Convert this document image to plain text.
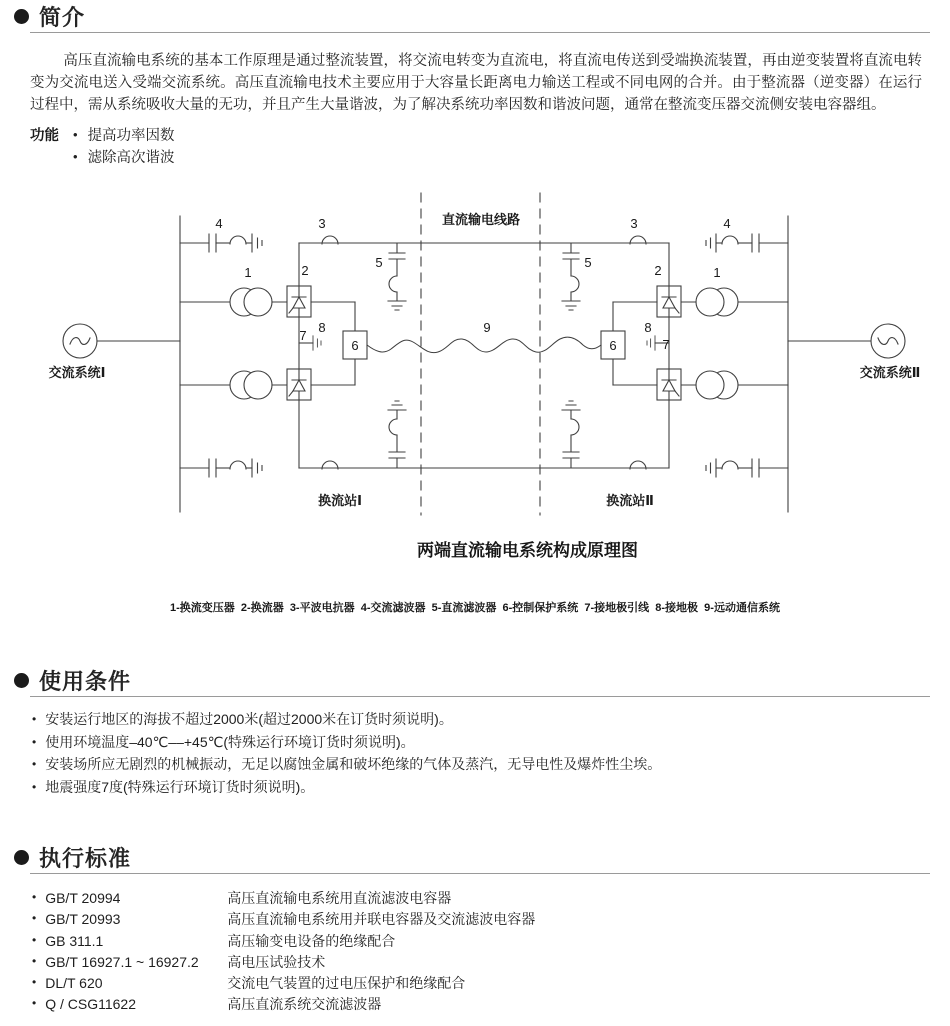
简介

高压直流输电系统的基本工作原理是通过整流装置，将交流电转变为直流电，将直流电传送到受端换流装置，再由逆变装置将直流电转变为交流电送入受端交流系统。高压直流输电技术主要应用于大容量长距离电力输送工程或不同电网的合并。由于整流器（逆变器）在运行过程中，需从系统吸收大量的无功，并且产生大量谐波，为了解决系统功率因数和谐波问题，通常在整流变压器交流侧安装电容器组。

功能	• 提高功率因数
• 滤除高次谐波
4	3
1	2
5
6
7
8	9
3	4
1
2
5
6	7
8
直流输电线路
交流系统Ⅰ	交流系统Ⅱ
换流站Ⅰ	换流站Ⅱ
两端直流输电系统构成原理图
1-换流变压器  2-换流器  3-平波电抗器  4-交流滤波器  5-直流滤波器  6-控制保护系统  7-接地极引线  8-接地极  9-远动通信系统
使用条件
• 安装运行地区的海拔不超过2000米(超过2000米在订货时须说明)。
• 使用环境温度–40℃––+45℃(特殊运行环境订货时须说明)。
• 安装场所应无剧烈的机械振动，无足以腐蚀金属和破坏绝缘的气体及蒸汽，无导电性及爆炸性尘埃。
• 地震强度7度(特殊运行环境订货时须说明)。
执行标准
• GB/T 20994	高压直流输电系统用直流滤波电容器
• GB/T 20993	高压直流输电系统用并联电容器及交流滤波电容器
• GB 311.1	高压输变电设备的绝缘配合
• GB/T 16927.1 ~ 16927.2	高电压试验技术
• DL/T 620	交流电气装置的过电压保护和绝缘配合
• Q / CSG11622	高压直流系统交流滤波器
